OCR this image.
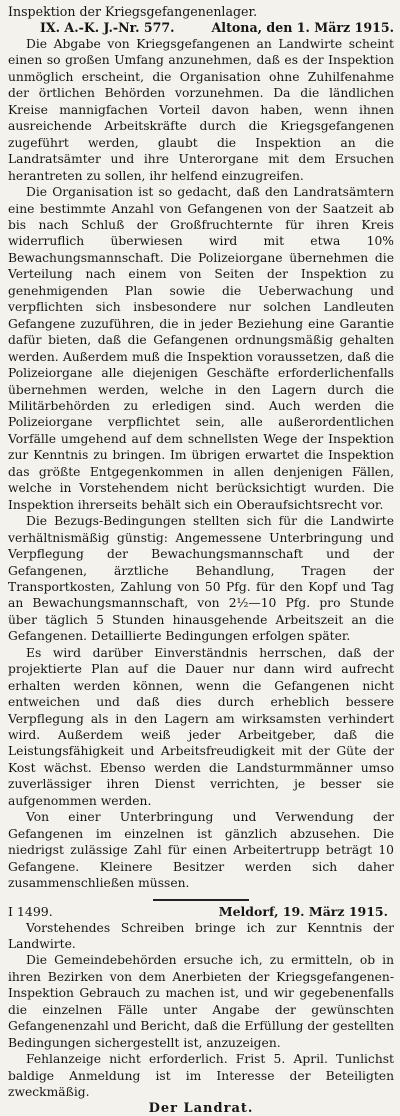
Inspektion der Kriegsgefangenenlager.
IX. A.-K. J.-Nr. 577.	Altona, den 1. März 1915.

Die Abgabe von Kriegsgefangenen an Landwirte scheint einen so großen Umfang anzunehmen, daß es der Inspektion unmöglich erscheint, die Organisation ohne Zuhilfenahme der örtlichen Behörden vorzunehmen. Da die ländlichen Kreise mannigfachen Vorteil davon haben, wenn ihnen ausreichende Arbeitskräfte durch die Kriegsgefangenen zugeführt werden, glaubt die Inspektion an die Landratsämter und ihre Unterorgane mit dem Ersuchen herantreten zu sollen, ihr helfend einzugreifen.

Die Organisation ist so gedacht, daß den Landratsämtern eine bestimmte Anzahl von Gefangenen von der Saatzeit ab bis nach Schluß der Großfruchternte für ihren Kreis widerruflich überwiesen wird mit etwa 10% Bewachungsmannschaft. Die Polizeiorgane übernehmen die Verteilung nach einem von Seiten der Inspektion zu genehmigenden Plan sowie die Ueberwachung und verpflichten sich insbesondere nur solchen Landleuten Gefangene zuzuführen, die in jeder Beziehung eine Garantie dafür bieten, daß die Gefangenen ordnungsmäßig gehalten werden. Außerdem muß die Inspektion voraussetzen, daß die Polizeiorgane alle diejenigen Geschäfte erforderlichenfalls übernehmen werden, welche in den Lagern durch die Militärbehörden zu erledigen sind. Auch werden die Polizeiorgane verpflichtet sein, alle außerordentlichen Vorfälle umgehend auf dem schnellsten Wege der Inspektion zur Kenntnis zu bringen. Im übrigen erwartet die Inspektion das größte Entgegenkommen in allen denjenigen Fällen, welche in Vorstehendem nicht berücksichtigt wurden. Die Inspektion ihrerseits behält sich ein Oberaufsichtsrecht vor.

Die Bezugs-Bedingungen stellten sich für die Landwirte verhältnismäßig günstig: Angemessene Unterbringung und Verpflegung der Bewachungsmannschaft und der Gefangenen, ärztliche Behandlung, Tragen der Transportkosten, Zahlung von 50 Pfg. für den Kopf und Tag an Bewachungsmannschaft, von 2½—10 Pfg. pro Stunde über täglich 5 Stunden hinausgehende Arbeitszeit an die Gefangenen. Detaillierte Bedingungen erfolgen später.

Es wird darüber Einverständnis herrschen, daß der projektierte Plan auf die Dauer nur dann wird aufrecht erhalten werden können, wenn die Gefangenen nicht entweichen und daß dies durch erheblich bessere Verpflegung als in den Lagern am wirksamsten verhindert wird. Außerdem weiß jeder Arbeitgeber, daß die Leistungsfähigkeit und Arbeitsfreudigkeit mit der Güte der Kost wächst. Ebenso werden die Landsturmmänner umso zuverlässiger ihren Dienst verrichten, je besser sie aufgenommen werden.

Von einer Unterbringung und Verwendung der Gefangenen im einzelnen ist gänzlich abzusehen. Die niedrigst zulässige Zahl für einen Arbeitertrupp beträgt 10 Gefangene. Kleinere Besitzer werden sich daher zusammenschließen müssen.

I 1499.	Meldorf, 19. März 1915.

Vorstehendes Schreiben bringe ich zur Kenntnis der Landwirte.

Die Gemeindebehörden ersuche ich, zu ermitteln, ob in ihren Bezirken von dem Anerbieten der Kriegsgefangenen-Inspektion Gebrauch zu machen ist, und wir gegebenenfalls die einzelnen Fälle unter Angabe der gewünschten Gefangenenzahl und Bericht, daß die Erfüllung der gestellten Bedingungen sichergestellt ist, anzuzeigen.

Fehlanzeige nicht erforderlich. Frist 5. April. Tunlichst baldige Anmeldung ist im Interesse der Beteiligten zweckmäßig.

Der Landrat.
